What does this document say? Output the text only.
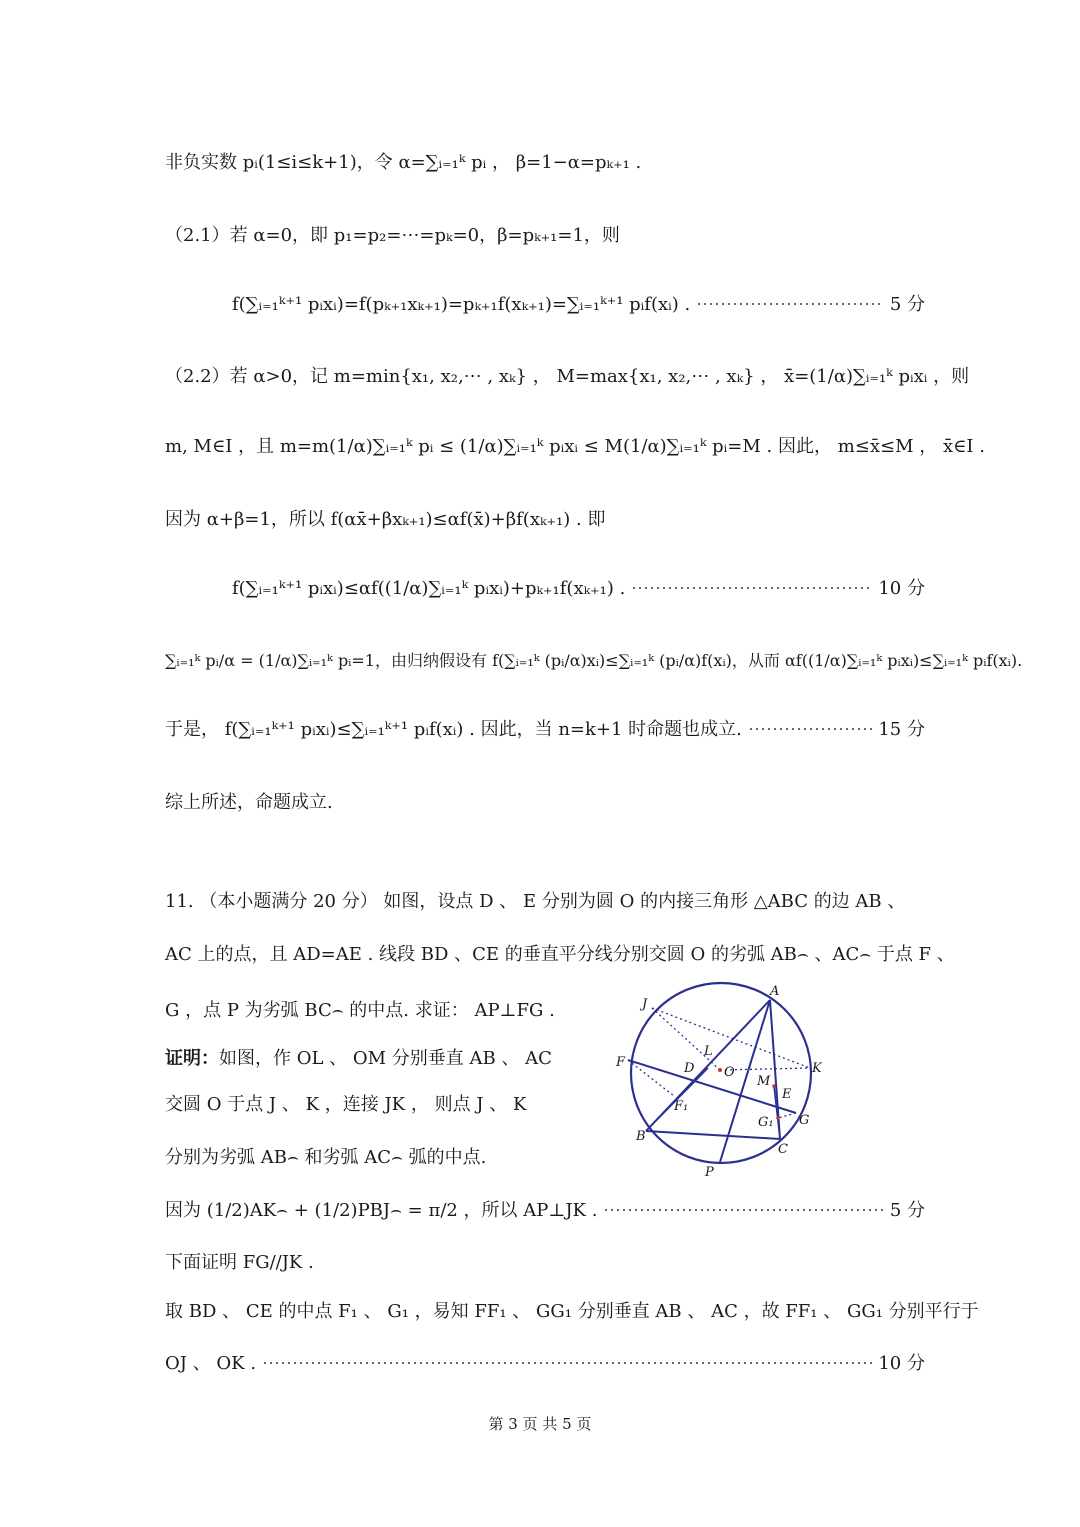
非负实数 pᵢ(1≤i≤k+1)，令 α=∑ᵢ₌₁ᵏ pᵢ ， β=1−α=pₖ₊₁ .
（2.1）若 α=0，即 p₁=p₂=⋯=pₖ=0，β=pₖ₊₁=1，则
f(∑ᵢ₌₁ᵏ⁺¹ pᵢxᵢ)=f(pₖ₊₁xₖ₊₁)=pₖ₊₁f(xₖ₊₁)=∑ᵢ₌₁ᵏ⁺¹ pᵢf(xᵢ) .	5 分
（2.2）若 α>0，记 m=min{x₁, x₂,⋯ , xₖ} ， M=max{x₁, x₂,⋯ , xₖ} ， x̄=(1/α)∑ᵢ₌₁ᵏ pᵢxᵢ ，则
m, M∈I ，且 m=m(1/α)∑ᵢ₌₁ᵏ pᵢ ≤ (1/α)∑ᵢ₌₁ᵏ pᵢxᵢ ≤ M(1/α)∑ᵢ₌₁ᵏ pᵢ=M . 因此， m≤x̄≤M ， x̄∈I .
因为 α+β=1，所以 f(αx̄+βxₖ₊₁)≤αf(x̄)+βf(xₖ₊₁) . 即
f(∑ᵢ₌₁ᵏ⁺¹ pᵢxᵢ)≤αf((1/α)∑ᵢ₌₁ᵏ pᵢxᵢ)+pₖ₊₁f(xₖ₊₁) .	10 分
∑ᵢ₌₁ᵏ pᵢ/α = (1/α)∑ᵢ₌₁ᵏ pᵢ=1，由归纳假设有 f(∑ᵢ₌₁ᵏ (pᵢ/α)xᵢ)≤∑ᵢ₌₁ᵏ (pᵢ/α)f(xᵢ)，从而 αf((1/α)∑ᵢ₌₁ᵏ pᵢxᵢ)≤∑ᵢ₌₁ᵏ pᵢf(xᵢ).
于是， f(∑ᵢ₌₁ᵏ⁺¹ pᵢxᵢ)≤∑ᵢ₌₁ᵏ⁺¹ pᵢf(xᵢ) . 因此，当 n=k+1 时命题也成立.	15 分
综上所述，命题成立.
11. （本小题满分 20 分） 如图，设点 D 、 E 分别为圆 O 的内接三角形 △ABC 的边 AB 、
AC 上的点，且 AD=AE . 线段 BD 、CE 的垂直平分线分别交圆 O 的劣弧 AB⌢ 、AC⌢ 于点 F 、
G ，点 P 为劣弧 BC⌢ 的中点. 求证： AP⊥FG .
证明：如图，作 OL 、 OM 分别垂直 AB 、 AC
交圆 O 于点 J 、 K ，连接 JK ， 则点 J 、 K
分别为劣弧 AB⌢ 和劣弧 AC⌢ 弧的中点.
因为 (1/2)AK⌢ + (1/2)PBJ⌢ = π/2 ，所以 AP⊥JK .	5 分
下面证明 FG//JK .
取 BD 、 CE 的中点 F₁ 、 G₁ ，易知 FF₁ 、 GG₁ 分别垂直 AB 、 AC ，故 FF₁ 、 GG₁ 分别平行于
OJ 、 OK .	10 分
A
B
C
D
E
F
G
J
K
L
M
O
P
F₁
G₁
第 3 页 共 5 页
